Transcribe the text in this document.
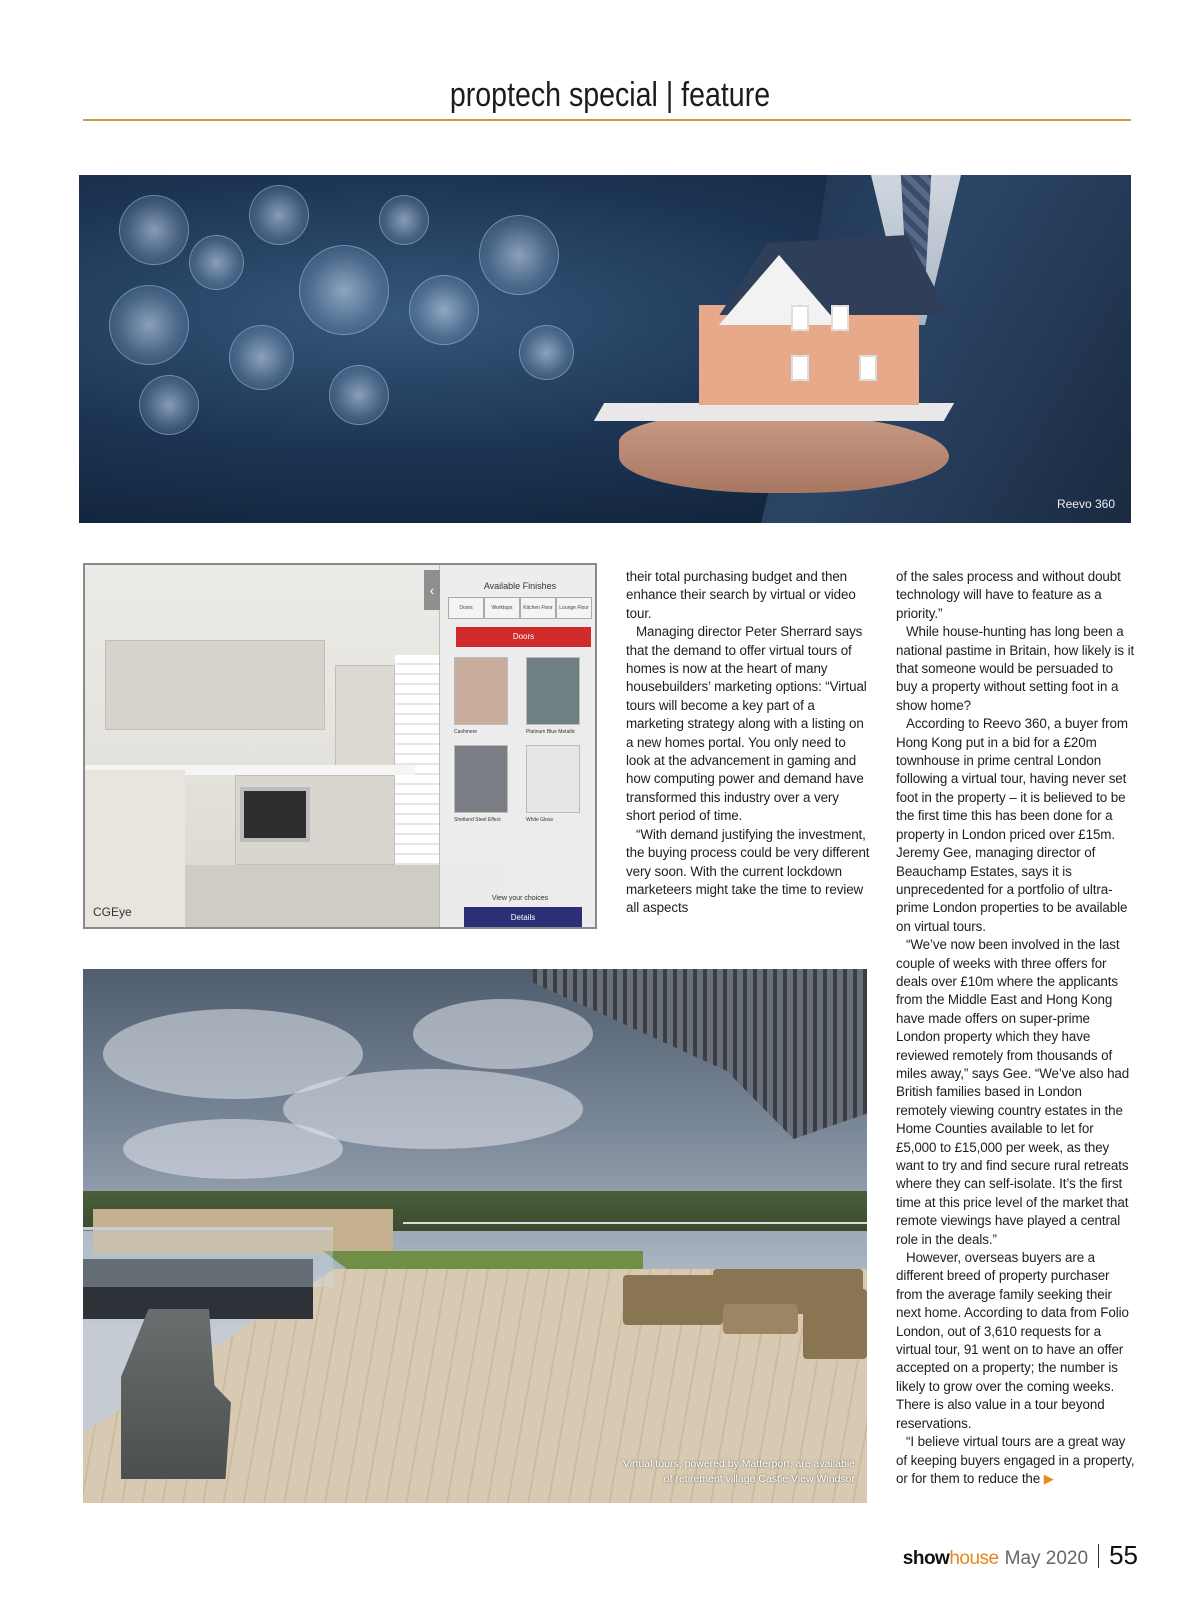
proptech special | feature
Reevo 360
‹	Available Finishes
Doors	Worktops	Kitchen Floor	Lounge Floor
Doors
Cashmere	Platinum Blue Metallic
Shetland Steel Effect	White Gloss
View your choices
Details
CGEye
Virtual tours, powered by Matterport, are available
of retirement village Castle View Windsor

their total purchasing budget and then enhance their search by virtual or video tour.

Managing director Peter Sherrard says that the demand to offer virtual tours of homes is now at the heart of many housebuilders’ marketing options: “Virtual tours will become a key part of a marketing strategy along with a listing on a new homes portal. You only need to look at the advancement in gaming and how computing power and demand have transformed this industry over a very short period of time.

“With demand justifying the investment, the buying process could be very different very soon. With the current lockdown marketeers might take the time to review all aspects

of the sales process and without doubt technology will have to feature as a priority.”

While house-hunting has long been a national pastime in Britain, how likely is it that someone would be persuaded to buy a property without setting foot in a show home?

According to Reevo 360, a buyer from Hong Kong put in a bid for a £20m townhouse in prime central London following a virtual tour, having never set foot in the property – it is believed to be the first time this has been done for a property in London priced over £15m. Jeremy Gee, managing director of Beauchamp Estates, says it is unprecedented for a portfolio of ultra-prime London properties to be available on virtual tours.

“We’ve now been involved in the last couple of weeks with three offers for deals over £10m where the applicants from the Middle East and Hong Kong have made offers on super-prime London property which they have reviewed remotely from thousands of miles away,” says Gee. “We’ve also had British families based in London remotely viewing country estates in the Home Counties available to let for £5,000 to £15,000 per week, as they want to try and find secure rural retreats where they can self-isolate. It’s the first time at this price level of the market that remote viewings have played a central role in the deals.”

However, overseas buyers are a different breed of property purchaser from the average family seeking their next home. According to data from Folio London, out of 3,610 requests for a virtual tour, 91 went on to have an offer accepted on a property; the number is likely to grow over the coming weeks. There is also value in a tour beyond reservations.

“I believe virtual tours are a great way of keeping buyers engaged in a property, or for them to reduce the ▶

show house May 2020 55
